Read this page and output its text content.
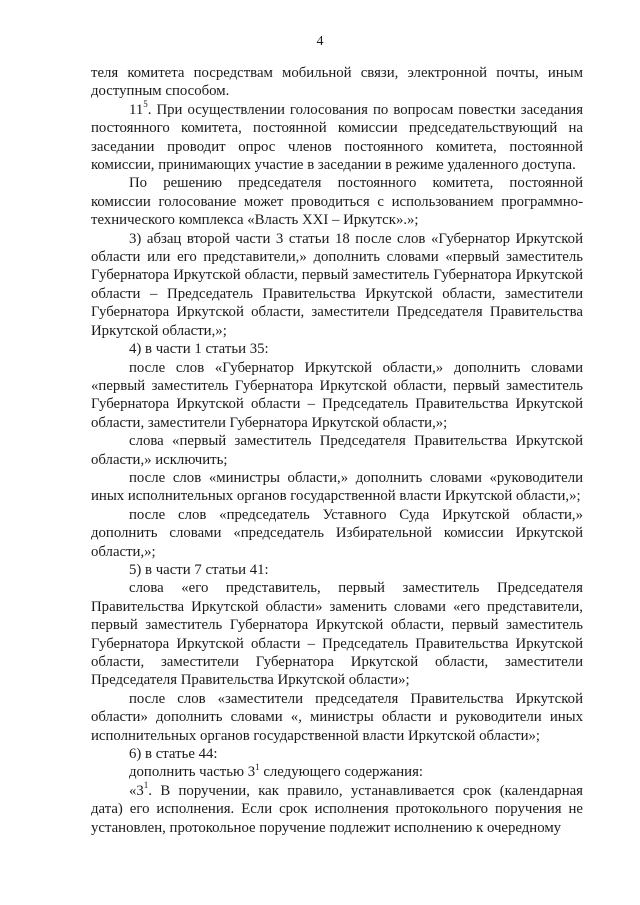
4

теля комитета посредствам мобильной связи, электронной почты, иным доступным способом.

$11^5$. При осуществлении голосования по вопросам повестки заседания постоянного комитета, постоянной комиссии председательствующий на заседании проводит опрос членов постоянного комитета, постоянной комиссии, принимающих участие в заседании в режиме удаленного доступа.

По решению председателя постоянного комитета, постоянной комиссии голосование может проводиться с использованием программно-технического комплекса «Власть XXI – Иркутск».»;

3) абзац второй части 3 статьи 18 после слов «Губернатор Иркутской области или его представители,» дополнить словами «первый заместитель Губернатора Иркутской области, первый заместитель Губернатора Иркутской области – Председатель Правительства Иркутской области, заместители Губернатора Иркутской области, заместители Председателя Правительства Иркутской области,»;

4) в части 1 статьи 35:

после слов «Губернатор Иркутской области,» дополнить словами «первый заместитель Губернатора Иркутской области, первый заместитель Губернатора Иркутской области – Председатель Правительства Иркутской области, заместители Губернатора Иркутской области,»;

слова «первый заместитель Председателя Правительства Иркутской области,» исключить;

после слов «министры области,» дополнить словами «руководители иных исполнительных органов государственной власти Иркутской области,»;

после слов «председатель Уставного Суда Иркутской области,» дополнить словами «председатель Избирательной комиссии Иркутской области,»;

5) в части 7 статьи 41:

слова «его представитель, первый заместитель Председателя Правительства Иркутской области» заменить словами «его представители, первый заместитель Губернатора Иркутской области, первый заместитель Губернатора Иркутской области – Председатель Правительства Иркутской области, заместители Губернатора Иркутской области, заместители Председателя Правительства Иркутской области»;

после слов «заместители председателя Правительства Иркутской области» дополнить словами «, министры области и руководители иных исполнительных органов государственной власти Иркутской области»;

6) в статье 44:

дополнить частью $3^1$ следующего содержания:

«$3^1$. В поручении, как правило, устанавливается срок (календарная дата) его исполнения. Если срок исполнения протокольного поручения не установлен, протокольное поручение подлежит исполнению к очередному
